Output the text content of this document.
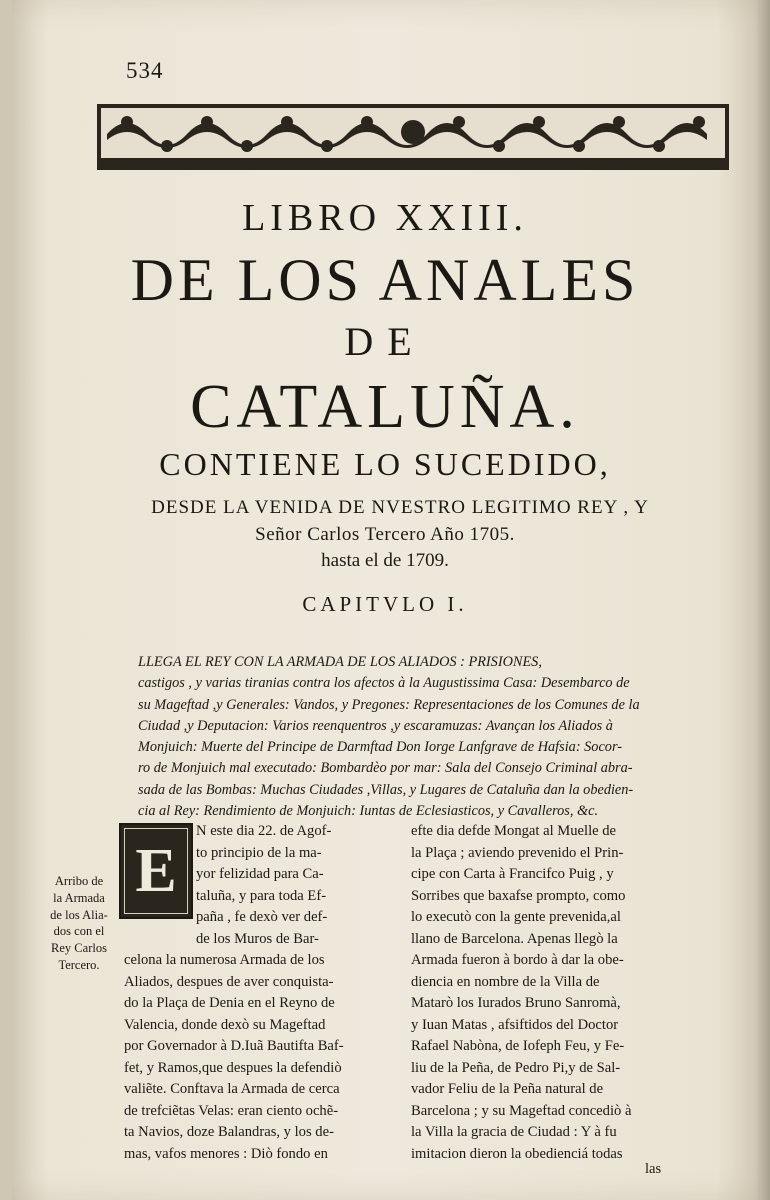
534
LIBRO XXIII.
DE LOS ANALES
DE
CATALUÑA.
CONTIENE LO SUCEDIDO,
DESDE LA VENIDA DE NVESTRO LEGITIMO REY , Y
Señor Carlos Tercero Año 1705.
hasta el de 1709.
CAPITVLO I.
LLEGA EL REY CON LA ARMADA DE LOS ALIADOS : PRISIONES,
castigos , y varias tiranias contra los afectos à la Augustissima Casa: Desembarco de
su Mageftad ,y Generales: Vandos, y Pregones: Representaciones de los Comunes de la
Ciudad ,y Deputacion: Varios reenquentros ,y escaramuzas: Avançan los Aliados à
Monjuich: Muerte del Principe de Darmftad Don Iorge Lanfgrave de Hafsia: Socor-
ro de Monjuich mal executado: Bombardèo por mar: Sala del Consejo Criminal abra-
sada de las Bombas: Muchas Ciudades ,Villas, y Lugares de Cataluña dan la obedien-
cia al Rey: Rendimiento de Monjuich: Iuntas de Eclesiasticos, y Cavalleros, &c.
E
Arribo de
la Armada
de los Alia-
dos con el
Rey Carlos
Tercero.
N este dia 22. de Agof-
to principio de la ma-
yor felizidad para Ca-
taluña, y para toda Ef-
paña , fe dexò ver def-
de los Muros de Bar-
celona la numerosa Armada de los
Aliados, despues de aver conquista-
do la Plaça de Denia en el Reyno de
Valencia, donde dexò su Mageftad
por Governador à D.Iuã Bautifta Baf-
fet, y Ramos,que despues la defendiò
valiẽte. Conftava la Armada de cerca
de trefciẽtas Velas: eran ciento ochẽ-
ta Navios, doze Balandras, y los de-
mas, vafos menores : Diò fondo en
efte dia defde Mongat al Muelle de
la Plaça ; aviendo prevenido el Prin-
cipe con Carta à Francifco Puig , y
Sorribes que baxafse prompto, como
lo executò con la gente prevenida,al
llano de Barcelona. Apenas llegò la
Armada fueron à bordo à dar la obe-
diencia en nombre de la Villa de
Matarò los Iurados Bruno Sanromà,
y Iuan Matas , afsiftidos del Doctor
Rafael Nabòna, de Iofeph Feu, y Fe-
liu de la Peña, de Pedro Pi,y de Sal-
vador Feliu de la Peña natural de
Barcelona ; y su Mageftad concediò à
la Villa la gracia de Ciudad : Y à fu
imitacion dieron la obedienciá todas
las
